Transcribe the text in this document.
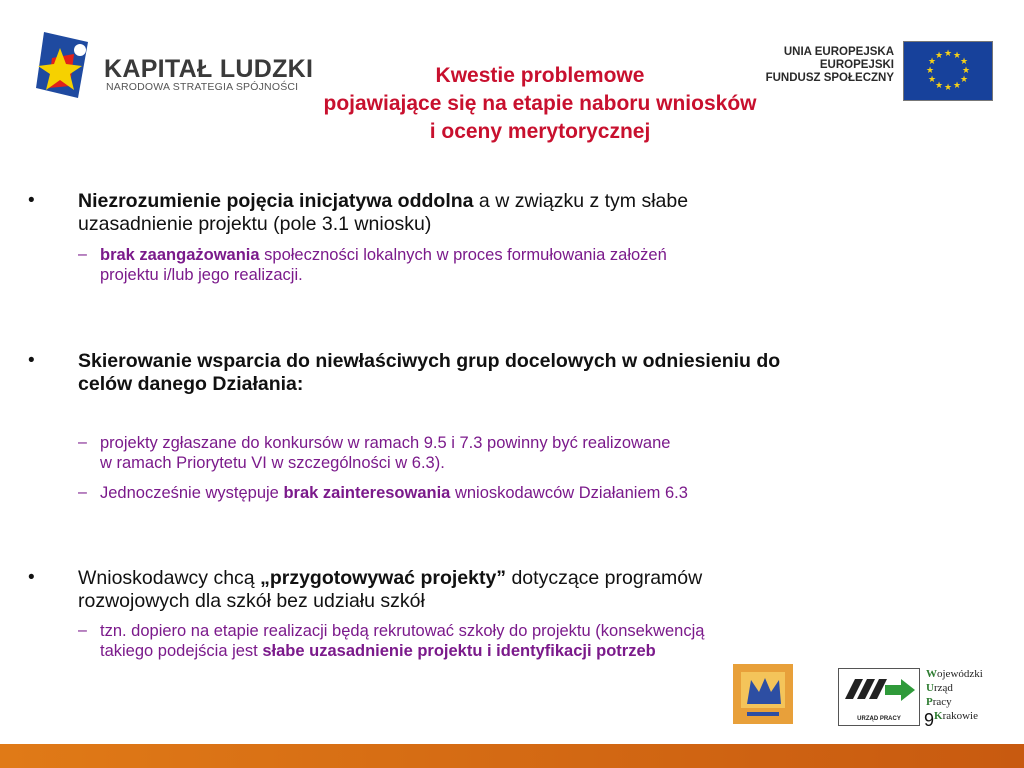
KAPITAŁ LUDZKI
NARODOWA STRATEGIA SPÓJNOŚCI
UNIA EUROPEJSKA
EUROPEJSKI
FUNDUSZ SPOŁECZNY
★ ★
★
★
★
★
★
★
★
★
★
★
Kwestie problemowe
pojawiające się na etapie naboru wniosków
i oceny merytorycznej
• Niezrozumienie pojęcia inicjatywa oddolna a w związku z tym słabe
uzasadnienie projektu (pole 3.1 wniosku)
– brak zaangażowania społeczności lokalnych w proces formułowania założeń
projektu i/lub jego realizacji.
• Skierowanie wsparcia do niewłaściwych grup docelowych w odniesieniu do
celów danego Działania:
– projekty zgłaszane do konkursów w ramach 9.5 i 7.3 powinny być realizowane
w ramach Priorytetu VI w szczególności w 6.3).
– Jednocześnie występuje brak zainteresowania wnioskodawców Działaniem 6.3
• Wnioskodawcy chcą „przygotowywać projekty” dotyczące programów
rozwojowych dla szkół bez udziału szkół
– tzn. dopiero na etapie realizacji będą rekrutować szkoły do projektu (konsekwencją
takiego podejścia jest słabe uzasadnienie projektu i identyfikacji potrzeb
URZĄD PRACY
Wojewódzki
Urząd
Pracy
Krakowie
9
